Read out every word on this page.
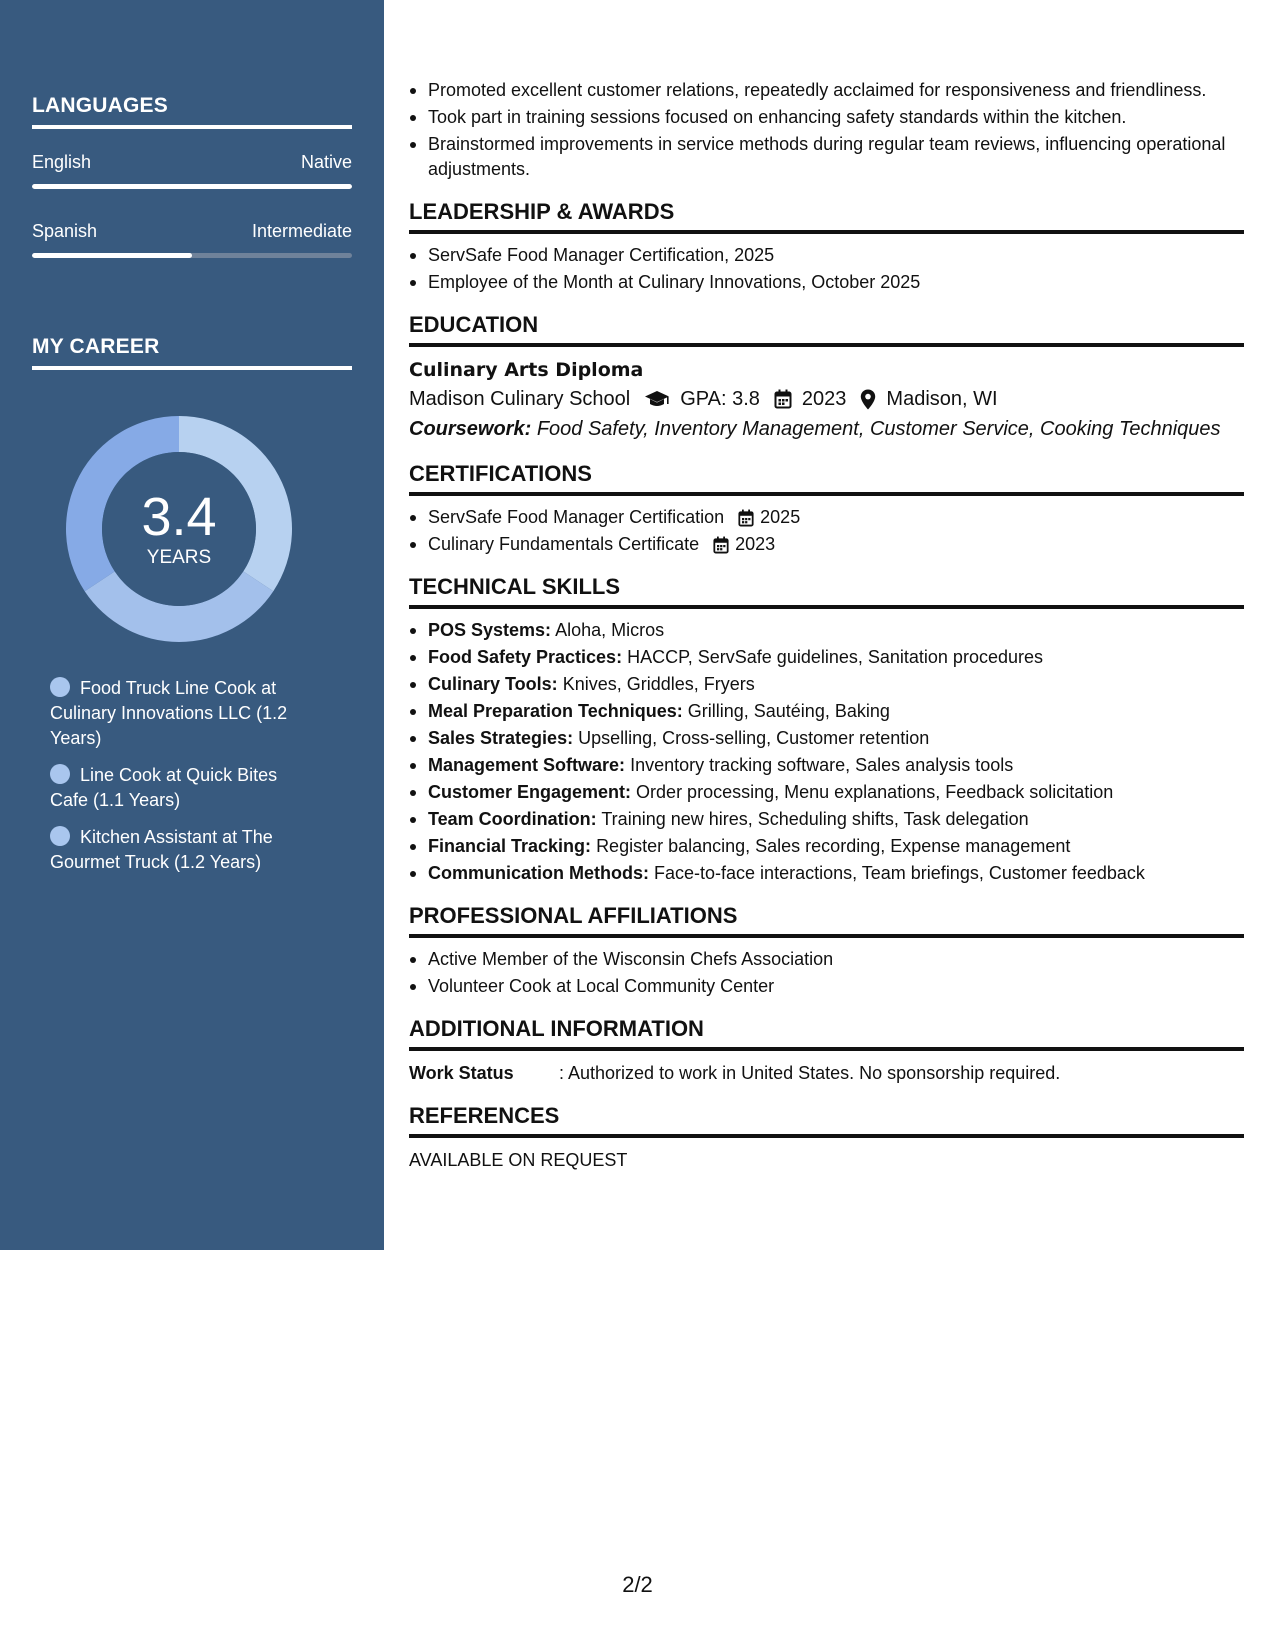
LANGUAGES
English	Native
Spanish	Intermediate
MY CAREER
3.4
YEARS
Food Truck Line Cook at Culinary Innovations LLC (1.2 Years)
Line Cook at Quick Bites Cafe (1.1 Years)
Kitchen Assistant at The Gourmet Truck (1.2 Years)
Promoted excellent customer relations, repeatedly acclaimed for responsiveness and friendliness.
Took part in training sessions focused on enhancing safety standards within the kitchen.
Brainstormed improvements in service methods during regular team reviews, influencing operational adjustments.
LEADERSHIP & AWARDS
ServSafe Food Manager Certification, 2025
Employee of the Month at Culinary Innovations, October 2025
EDUCATION
Culinary Arts Diploma
Madison Culinary School	GPA: 3.8 2023 Madison, WI
Coursework: Food Safety, Inventory Management, Customer Service, Cooking Techniques
CERTIFICATIONS
ServSafe Food Manager Certification 2025
Culinary Fundamentals Certificate 2023
TECHNICAL SKILLS
POS Systems: Aloha, Micros
Food Safety Practices: HACCP, ServSafe guidelines, Sanitation procedures
Culinary Tools: Knives, Griddles, Fryers
Meal Preparation Techniques: Grilling, Sautéing, Baking
Sales Strategies: Upselling, Cross-selling, Customer retention
Management Software: Inventory tracking software, Sales analysis tools
Customer Engagement: Order processing, Menu explanations, Feedback solicitation
Team Coordination: Training new hires, Scheduling shifts, Task delegation
Financial Tracking: Register balancing, Sales recording, Expense management
Communication Methods: Face-to-face interactions, Team briefings, Customer feedback
PROFESSIONAL AFFILIATIONS
Active Member of the Wisconsin Chefs Association
Volunteer Cook at Local Community Center
ADDITIONAL INFORMATION
Work Status	: Authorized to work in United States. No sponsorship required.
REFERENCES
AVAILABLE ON REQUEST
2/2
